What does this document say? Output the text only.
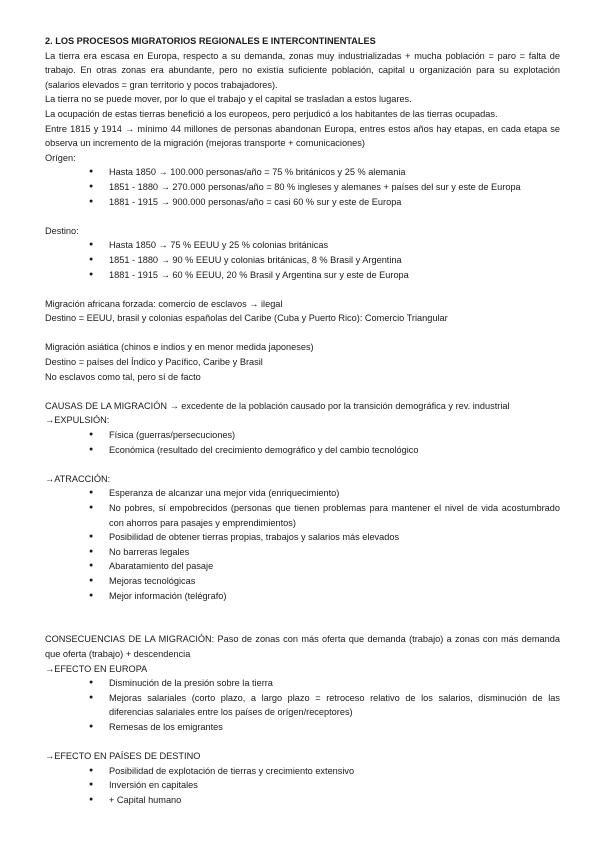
2. LOS PROCESOS MIGRATORIOS REGIONALES E INTERCONTINENTALES

La tierra era escasa en Europa, respecto a su demanda, zonas muy industrializadas + mucha población = paro = falta de trabajo. En otras zonas era abundante, pero no existía suficiente población, capital u organización para su explotación (salarios elevados = gran territorio y pocos trabajadores).

La tierra no se puede mover, por lo que el trabajo y el capital se trasladan a estos lugares.

La ocupación de estas tierras benefició a los europeos, pero perjudicó a los habitantes de las tierras ocupadas.

Entre 1815 y 1914 → mínimo 44 millones de personas abandonan Europa, entres estos años hay etapas, en cada etapa se observa un incremento de la migración (mejoras transporte + comunicaciones)

Orígen:

● Hasta 1850 → 100.000 personas/año = 75 % británicos y 25 % alemania
● 1851 - 1880 → 270.000 personas/año = 80 % ingleses y alemanes + países del sur y este de Europa
● 1881 - 1915 → 900.000 personas/año = casi 60 % sur y este de Europa

Destino:

● Hasta 1850 → 75 % EEUU y 25 % colonias británicas
● 1851 - 1880 → 90 % EEUU y colonias británicas, 8 % Brasil y Argentina
● 1881 - 1915 → 60 % EEUU, 20 % Brasil y Argentina sur y este de Europa

Migración africana forzada: comercio de esclavos → ilegal

Destino = EEUU, brasil y colonias españolas del Caribe (Cuba y Puerto Rico): Comercio Triangular

Migración asiática (chinos e indios y en menor medida japoneses)

Destino = países del Índico y Pacífico, Caribe y Brasil

No esclavos como tal, pero sí de facto

CAUSAS DE LA MIGRACIÓN → excedente de la población causado por la transición demográfica y rev. industrial

→EXPULSIÓN:

● Física (guerras/persecuciones)
● Económica (resultado del crecimiento demográfico y del cambio tecnológico

→ATRACCIÓN:

● Esperanza de alcanzar una mejor vida (enriquecimiento)
● No pobres, sí empobrecidos (personas que tienen problemas para mantener el nivel de vida acostumbrado con ahorros para pasajes y emprendimientos)
● Posibilidad de obtener tierras propias, trabajos y salarios más elevados
● No barreras legales
● Abaratamiento del pasaje
● Mejoras tecnológicas
● Mejor información (telégrafo)

CONSECUENCIAS DE LA MIGRACIÓN: Paso de zonas con más oferta que demanda (trabajo) a zonas con más demanda que oferta (trabajo) + descendencia

→EFECTO EN EUROPA

● Disminución de la presión sobre la tierra
● Mejoras salariales (corto plazo, a largo plazo = retroceso relativo de los salarios, disminución de las diferencias salariales entre los países de orígen/receptores)
● Remesas de los emigrantes

→EFECTO EN PAÍSES DE DESTINO

● Posibilidad de explotación de tierras y crecimiento extensivo
● Inversión en capitales
● + Capital humano
